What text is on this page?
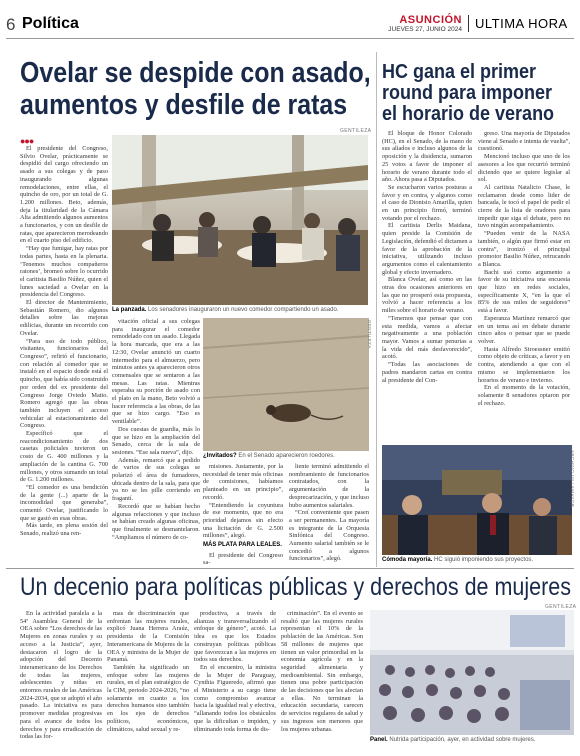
6 Política	ASUNCIÓN
JUEVES 27, JUNIO 2024 ULTIMA HORA
Ovelar se despide con asado,
aumentos y desfile de ratas
HC gana el primer
round para imponer
el horario de verano
●●●
GENTILEZA

El presidente del Congreso, Silvio Ovelar, prácticamente se despidió del cargo ofreciendo un asado a sus colegas y de paso inaugurando algunas remodelaciones, entre ellas, el quincho de oro, por un total de G. 1.200 millones. Beto, además, deja la titularidad de la Cámara Alta admitiendo algunos aumentos a funcionarios, y con un desfile de ratas, que aparecieron merodeando en el cuarto piso del edificio.

“Hay que fumigar, hay ratas por todas partes, hasta en la plenaria. ‘Tenemos muchos compañeros ratones’, bromeó sobre lo ocurrido el caritista Basilio Núñez, quien el lunes saciedad a Ovelar en la presidencia del Congreso.

El director de Mantenimiento, Sebastián Romero, dio algunos detalles sobre las mejoras edilicias, durante un recorrido con Ovelar.

“Para uso de todo público, visitantes, funcionarios del Congreso”, refirió el funcionario, con relación al comedor que se instaló en el espacio donde está el quincho, que había sido construido por orden del ex presidente del Congreso Jorge Oviedo Matto. Romero agregó que las obras también incluyen el acceso vehicular al estacionamiento del Congreso.

Específicó que el reacondicionamiento de dos casetas policiales tuvieron un costo de G. 400 millones y la ampliación de la cantina G. 700 millones, y otros sumando un total de G. 1.200 millones.

“El comedor es una bendición de la gente (...) aparte de la incomodidad que generaba”, comentó Ovelar, justificando lo que se gastó en esas obras.

Más tarde, en plena sesión del Senado, realizó una ren-

La panzada. Los senadores inauguraron un nuevo comedor compartiendo un asado.

vitación oficial a sus colegas para inaugurar el comedor remodelado con un asado. Llegada la hora marcada, que era a las 12:30, Ovelar anunció un cuarto intermedio para el almuerzo, pero minutos antes ya aparecieron otros comensales que se sentaron a las mesas. Las ratas. Mientras esperaba su porción de asado con el plato en la mano, Beto volvió a hacer referencia a las obras, de las que se hizo cargo. “Eso es ventilable”.

Dos cuestas de guardia, más lo que se hizo en la ampliación del Senado, cerca de la sala de sesiones. “Ese sala nueva”, dijo.

Además, remarcó que a pedido de varios de sus colegas se polarizó el área de fumadores, ubicada dentro de la sala, para que ya no se les pille corriendo en fragantí.

Recordó que se habían hecho algunas refacciones y que incluso se habían creado algunas oficinas, que finalmente se desmantelaron. “Ampliamos el número de co-

¿Invitados? En el Senado aparecieron roedores.

misiones. Justamente, por la necesidad de tener más oficinas de comisiones, habíamos planteado en un principio”, recordó.

“Entendiendo la coyuntura de ese momento, que no era prioridad dejamos sin efecto una licitación de G. 2.500 millones”, alegó.

MÁS PLATA PARA LEALES.

El presidente del Congreso sa-

liente terminó admitiendo el nombramiento de funcionarios contratados, con la argumentación de la desprecarización, y que incluso hubo aumentos salariales.

“Creí conveniente que pasen a ser permanentes. La mayoría es integrante de la Orquesta Sinfónica del Congreso. Aumento salarial también se le concedió a algunos funcionarios”, alegó.

GENTILEZA

El bloque de Honor Colorado (HC), en el Senado, de la mano de sus aliados e incluso algunos de la oposición y la disidencia, sumaron 25 votos a favor de imponer el horario de verano durante todo el año. Ahora pasa a Diputados.

Se escucharon varios posturas a favor y en contra, y algunos como el caso de Dionisio Amarilla, quien en un principio firmó, terminó votando por el rechazo.

El caritista Derlis Maidana, quien preside la Comisión de Legislación, defendió el dictamen a favor de la aprobación de la iniciativa, utilizando incluso argumentos como el calentamiento global y efecto invernadero.

Blanca Ovelar, así como en las otras dos ocasiones anteriores en las que no prosperó esta propuesta, volvió a hacer referencia a los miles sobre el horario de verano.

“Tenemos que pensar que con esta medida, vamos a afectar negativamente a una población mayor. Vamos a sumar penurias a la vida del más desfavorecido”, acotó.

“Todas las asociaciones de padres mandaron cartas en contra al presidente del Con-

greso. Una mayoría de Diputados viene al Senado e intenta de vuelta”, cuestionó.

Mencionó incluso que uno de los asesores a los que recurrió terminó diciendo que se quiere legislar al sol.

Al caritista Natalicio Chase, le reclamaron desde como lider de bancada, le tocó el papel de pedir el cierre de la lista de oradores para impedir que siga el debate, pero no tuvo ningún acompañamiento.

“Pueden venir de la NASA también, o algún que firmó estar en contra”, ironizó el principal promotor Basilio Núñez, retrucando a Blanca.

Bachi usó como argumento a favor de su iniciativa una encuesta que hizo en redes sociales, específicamente X, “en la que el 85% de sus miles de seguidores” está a favor.

Esperanza Martínez remarcó que en un tema así en debate durante cinco años o pensar que se puede volver.

Hasta Alfredo Stroessner emitió como objeto de críticas, a favor y en contra, atendiendo a que con el mismo se implementaron los horarios de verano e invierno.

En el momento de la votación, solamente 8 senadores optaron por el rechazo.

ARCHIVO VILLAMAYOR
Cómoda mayoría. HC siguió imponiendo sus proyectos.
Un decenio para políticas públicas y derechos de mujeres
GENTILEZA

En la actividad paralela a la 54ª Asamblea General de la OEA sobre “Los derechos de las Mujeres en zonas rurales y su acceso a la Justicia”, ayer, destacaron el logro de la adopción del Decenio interamericano de los Derechos de todas las mujeres, adolescentes y niñas en entornos rurales de las Américas 2024-2034, que se adoptó el año pasado. La iniciativa es para promover medidas progresivas para el avance de todos los derechos y para erradicación de todas las for-

mas de discriminación que enfrentan las mujeres rurales, explicó Juana Herrera Araúz, presidenta de la Comisión Interamericana de Mujeres de la OEA y ministra de la Mujer de Panamá.

También ha significado un enfoque sobre las mujeres rurales, en el plan estratégico de la CIM, periodo 2024-2026, “no solamente en cuanto a los derechos humanos sino también en los ejes de derechos políticos, económicos, climáticos, salud sexual y re-

productiva, a través de alianzas y transversalizando el enfoque de género”, acotó. La idea es que los Estados construyan políticas públicas que favorezcan a las mujeres en todos sus derechos.

En el encuentro, la ministra de la Mujer de Paraguay, Cynthia Figueredo, afirmó que el Ministerio a su cargo tiene como compromiso avanzar hacia la igualdad real y efectiva, “allanando todos los obstáculos que la dificultan o impiden, y eliminando toda forma de dis-

criminación”. En el evento se resaltó que las mujeres rurales representan el 10% de la población de las Américas. Son 58 millones de mujeres que tienen un valor primordial en la economía agrícola y en la seguridad alimentaria y medioambiental. Sin embargo, tienen una pobre participación de las decisiones que les afectan a ellas. No terminan la educación secundaria, carecen de servicios regulares de salud y sus ingresos son menores que los mujeres urbanas.

Panel. Nutrida participación, ayer, en actividad sobre mujeres.
